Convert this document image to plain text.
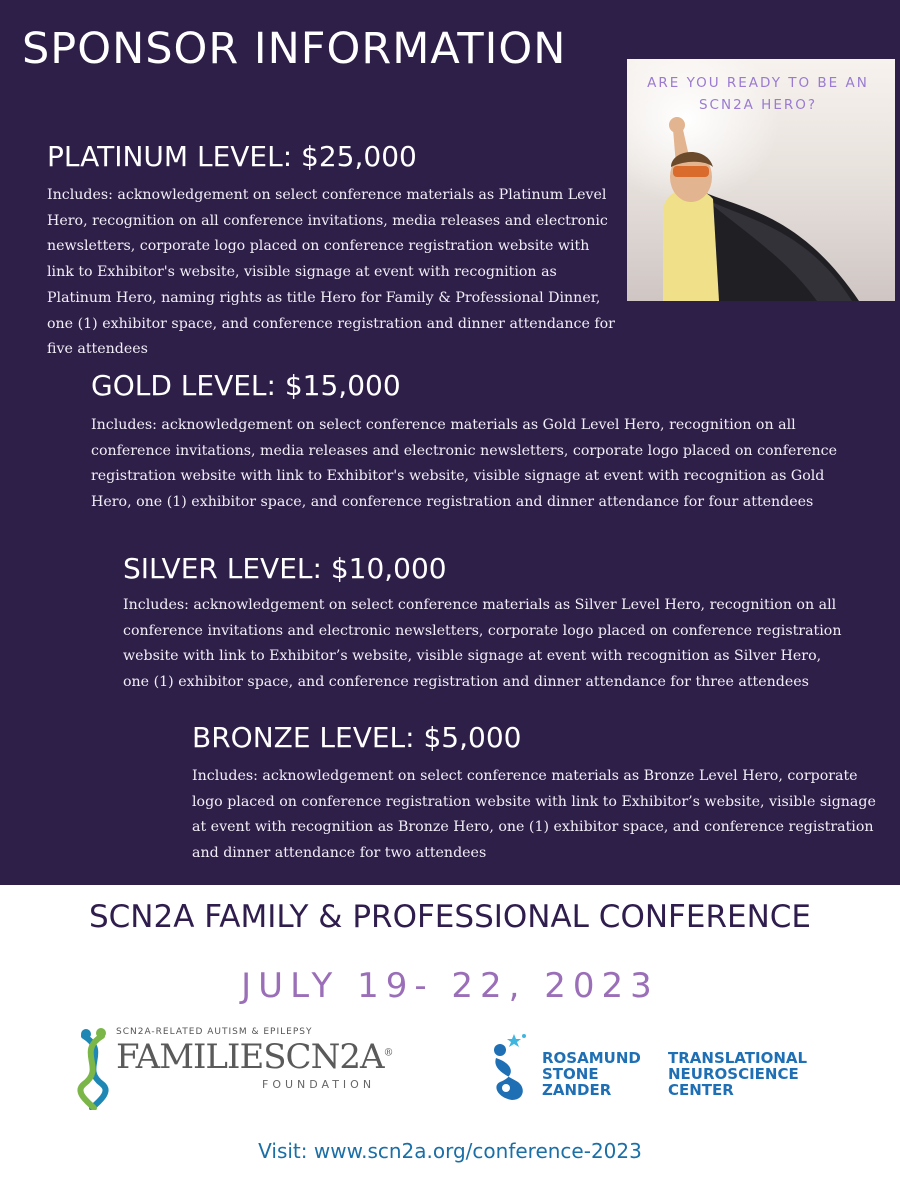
SPONSOR INFORMATION
ARE YOU READY TO BE AN SCN2A HERO?
PLATINUM LEVEL: $25,000

Includes: acknowledgement on select conference materials as Platinum Level Hero, recognition on all conference invitations, media releases and electronic newsletters, corporate logo placed on conference registration website with link to Exhibitor's website, visible signage at event with recognition as Platinum Hero, naming rights as title Hero for Family & Professional Dinner, one (1) exhibitor space, and conference registration and dinner attendance for five attendees

GOLD LEVEL: $15,000

Includes: acknowledgement on select conference materials as Gold Level Hero, recognition on all conference invitations, media releases and electronic newsletters, corporate logo placed on conference registration website with link to Exhibitor's website, visible signage at event with recognition as Gold Hero, one (1) exhibitor space, and conference registration and dinner attendance for four attendees

SILVER LEVEL: $10,000

Includes: acknowledgement on select conference materials as Silver Level Hero, recognition on all conference invitations and electronic newsletters, corporate logo placed on conference registration website with link to Exhibitor’s website, visible signage at event with recognition as Silver Hero, one (1) exhibitor space, and conference registration and dinner attendance for three attendees

BRONZE LEVEL: $5,000

Includes: acknowledgement on select conference materials as Bronze Level Hero, corporate logo placed on conference registration website with link to Exhibitor’s website, visible signage at event with recognition as Bronze Hero, one (1) exhibitor space, and conference registration and dinner attendance for two attendees

SCN2A FAMILY & PROFESSIONAL CONFERENCE
JULY 19- 22, 2023
SCN2A-RELATED AUTISM & EPILEPSY
FAMILIESCN2A®
FOUNDATION
ROSAMUND
STONE
ZANDER
TRANSLATIONAL
NEUROSCIENCE
CENTER
Visit: www.scn2a.org/conference-2023
